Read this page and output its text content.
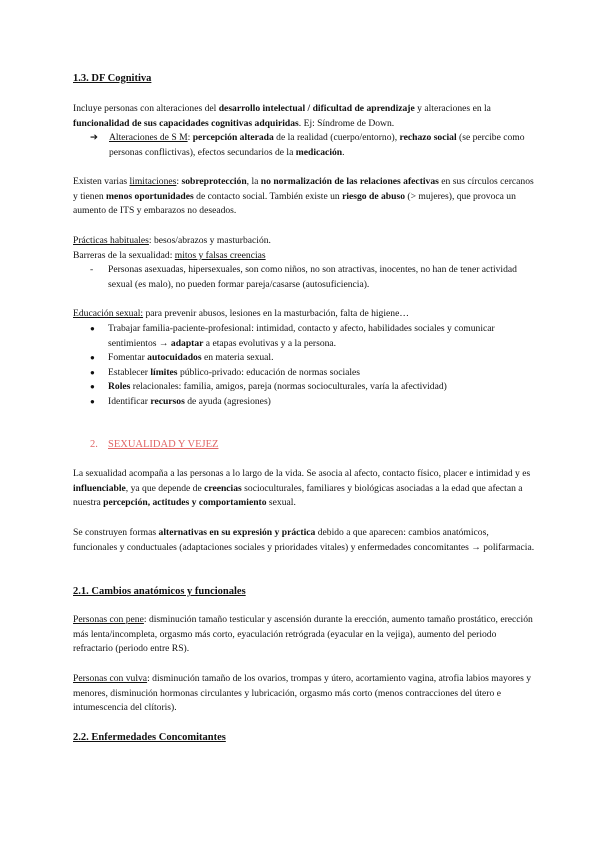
1.3. DF Cognitiva
Incluye personas con alteraciones del desarrollo intelectual / dificultad de aprendizaje y alteraciones en la funcionalidad de sus capacidades cognitivas adquiridas. Ej: Síndrome de Down.
➔ Alteraciones de S M: percepción alterada de la realidad (cuerpo/entorno), rechazo social (se percibe como personas conflictivas), efectos secundarios de la medicación.
Existen varias limitaciones: sobreprotección, la no normalización de las relaciones afectivas en sus círculos cercanos y tienen menos oportunidades de contacto social. También existe un riesgo de abuso (> mujeres), que provoca un aumento de ITS y embarazos no deseados.
Prácticas habituales: besos/abrazos y masturbación.
Barreras de la sexualidad: mitos y falsas creencias
- Personas asexuadas, hipersexuales, son como niños, no son atractivas, inocentes, no han de tener actividad sexual (es malo), no pueden formar pareja/casarse (autosuficiencia).
Educación sexual: para prevenir abusos, lesiones en la masturbación, falta de higiene…
● Trabajar familia-paciente-profesional: intimidad, contacto y afecto, habilidades sociales y comunicar sentimientos → adaptar a etapas evolutivas y a la persona.
● Fomentar autocuidados en materia sexual.
● Establecer límites público-privado: educación de normas sociales
● Roles relacionales: familia, amigos, pareja (normas socioculturales, varía la afectividad)
● Identificar recursos de ayuda (agresiones)
2. SEXUALIDAD Y VEJEZ
La sexualidad acompaña a las personas a lo largo de la vida. Se asocia al afecto, contacto físico, placer e intimidad y es influenciable, ya que depende de creencias socioculturales, familiares y biológicas asociadas a la edad que afectan a nuestra percepción, actitudes y comportamiento sexual.
Se construyen formas alternativas en su expresión y práctica debido a que aparecen: cambios anatómicos, funcionales y conductuales (adaptaciones sociales y prioridades vitales) y enfermedades concomitantes → polifarmacia.
2.1. Cambios anatómicos y funcionales
Personas con pene: disminución tamaño testicular y ascensión durante la erección, aumento tamaño prostático, erección más lenta/incompleta, orgasmo más corto, eyaculación retrógrada (eyacular en la vejiga), aumento del periodo refractario (periodo entre RS).
Personas con vulva: disminución tamaño de los ovarios, trompas y útero, acortamiento vagina, atrofia labios mayores y menores, disminución hormonas circulantes y lubricación, orgasmo más corto (menos contracciones del útero e intumescencia del clítoris).
2.2. Enfermedades Concomitantes
